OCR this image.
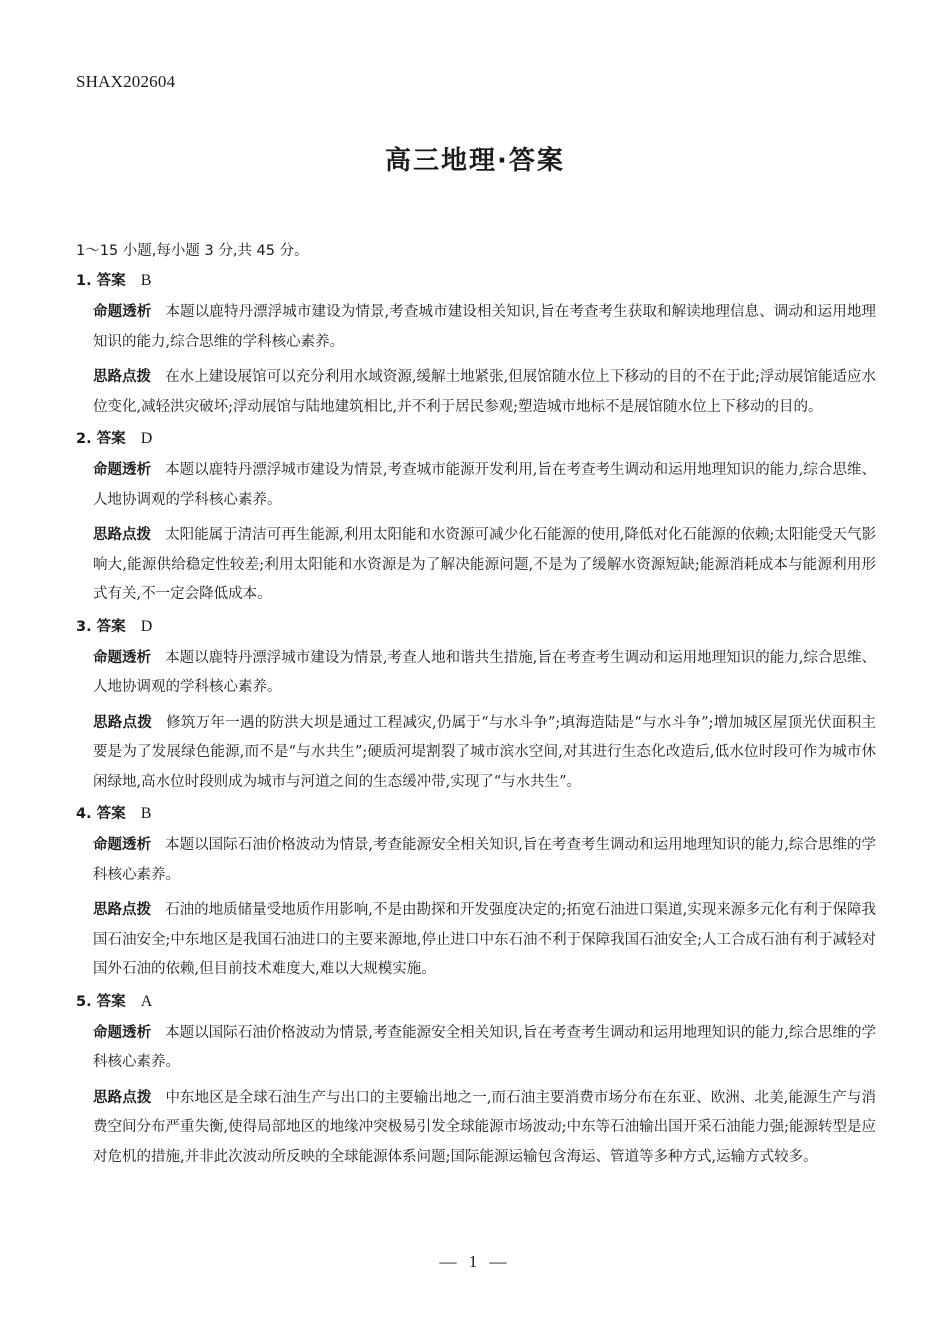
SHAX202604
高三地理·答案
1～15 小题,每小题 3 分,共 45 分。
1. 答案 B
命题透析 本题以鹿特丹漂浮城市建设为情景,考查城市建设相关知识,旨在考查考生获取和解读地理信息、调动和运用地理知识的能力,综合思维的学科核心素养。
思路点拨 在水上建设展馆可以充分利用水域资源,缓解土地紧张,但展馆随水位上下移动的目的不在于此;浮动展馆能适应水位变化,减轻洪灾破坏;浮动展馆与陆地建筑相比,并不利于居民参观;塑造城市地标不是展馆随水位上下移动的目的。
2. 答案 D
命题透析 本题以鹿特丹漂浮城市建设为情景,考查城市能源开发利用,旨在考查考生调动和运用地理知识的能力,综合思维、人地协调观的学科核心素养。
思路点拨 太阳能属于清洁可再生能源,利用太阳能和水资源可减少化石能源的使用,降低对化石能源的依赖;太阳能受天气影响大,能源供给稳定性较差;利用太阳能和水资源是为了解决能源问题,不是为了缓解水资源短缺;能源消耗成本与能源利用形式有关,不一定会降低成本。
3. 答案 D
命题透析 本题以鹿特丹漂浮城市建设为情景,考查人地和谐共生措施,旨在考查考生调动和运用地理知识的能力,综合思维、人地协调观的学科核心素养。
思路点拨 修筑万年一遇的防洪大坝是通过工程减灾,仍属于“与水斗争”;填海造陆是“与水斗争”;增加城区屋顶光伏面积主要是为了发展绿色能源,而不是“与水共生”;硬质河堤割裂了城市滨水空间,对其进行生态化改造后,低水位时段可作为城市休闲绿地,高水位时段则成为城市与河道之间的生态缓冲带,实现了“与水共生”。
4. 答案 B
命题透析 本题以国际石油价格波动为情景,考查能源安全相关知识,旨在考查考生调动和运用地理知识的能力,综合思维的学科核心素养。
思路点拨 石油的地质储量受地质作用影响,不是由勘探和开发强度决定的;拓宽石油进口渠道,实现来源多元化有利于保障我国石油安全;中东地区是我国石油进口的主要来源地,停止进口中东石油不利于保障我国石油安全;人工合成石油有利于减轻对国外石油的依赖,但目前技术难度大,难以大规模实施。
5. 答案 A
命题透析 本题以国际石油价格波动为情景,考查能源安全相关知识,旨在考查考生调动和运用地理知识的能力,综合思维的学科核心素养。
思路点拨 中东地区是全球石油生产与出口的主要输出地之一,而石油主要消费市场分布在东亚、欧洲、北美,能源生产与消费空间分布严重失衡,使得局部地区的地缘冲突极易引发全球能源市场波动;中东等石油输出国开采石油能力强;能源转型是应对危机的措施,并非此次波动所反映的全球能源体系问题;国际能源运输包含海运、管道等多种方式,运输方式较多。
— 1 —
